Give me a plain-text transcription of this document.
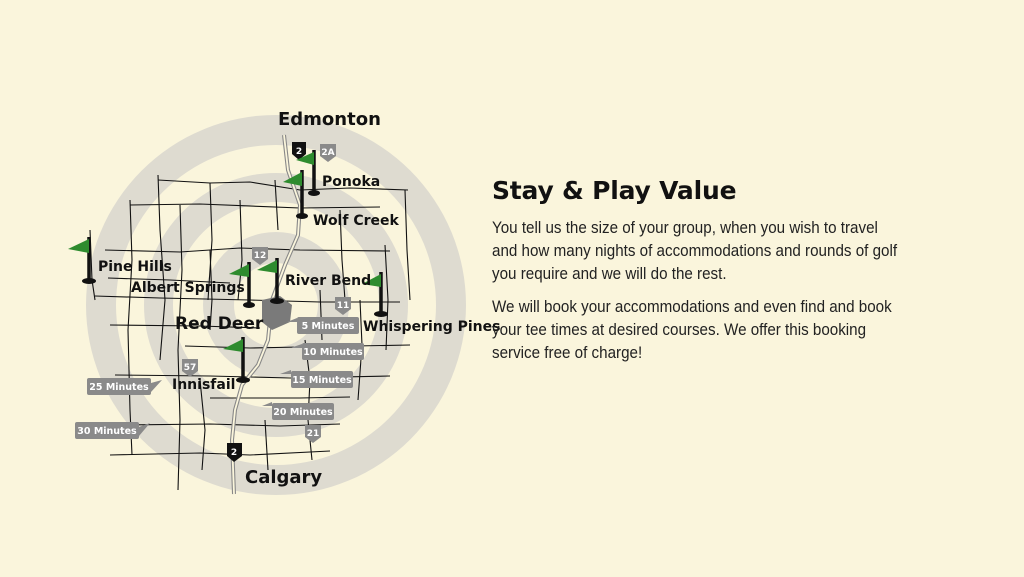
2 2A
12
11
57
21
2
5 Minutes
10 Minutes
15 Minutes
20 Minutes
25 Minutes
30 Minutes
Edmonton
Red Deer
Calgary
Innisfail
Ponoka
Wolf Creek
Pine Hills
Albert Springs	River Bend
Whispering Pines
Stay & Play Value

You tell us the size of your group, when you wish to travel and how many nights of accommodations and rounds of golf you require and we will do the rest.

We will book your accommodations and even find and book your tee times at desired courses. We offer this booking service free of charge!
